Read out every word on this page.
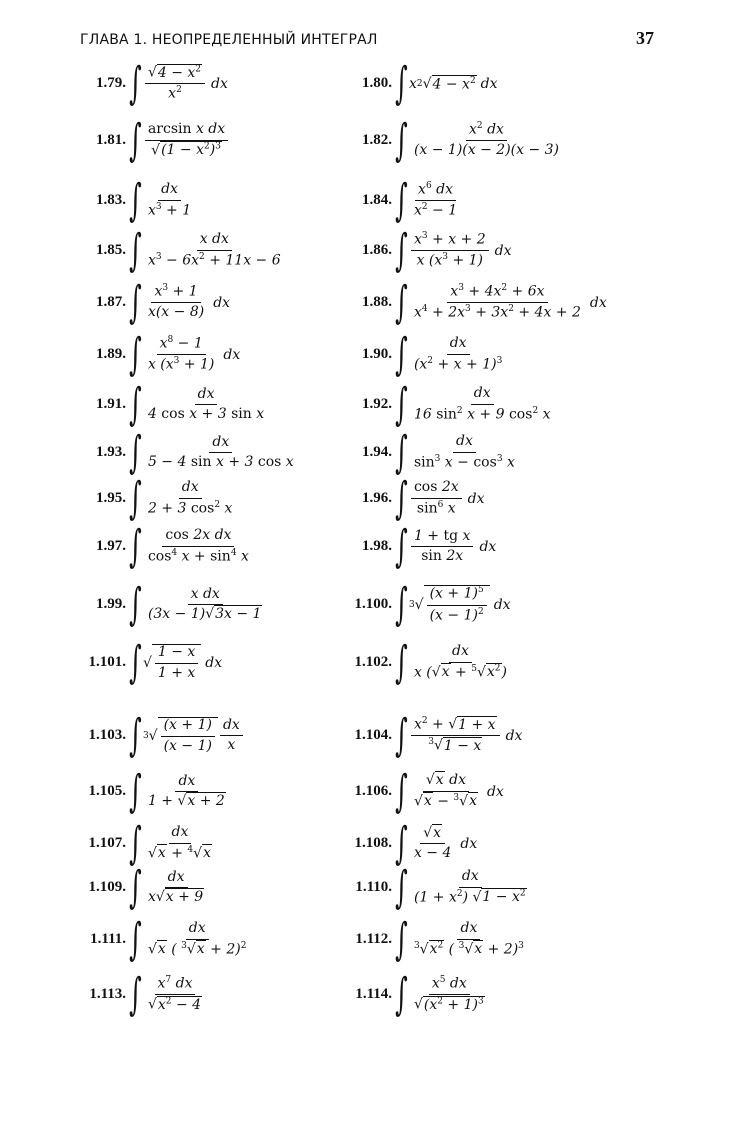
ГЛАВА 1. НЕОПРЕДЕЛЕННЫЙ ИНТЕГРАЛ	37
1.79. ∫ $\frac{√4 - x^2}{x^2}$ dx	1.80. ∫ x 2 √ $4 - x^2$ dx
1.81. ∫ $\frac{\text{arcsin x dx}}{√(1 - x^2)^3}$	1.82. ∫ $\frac{x^2 dx}{(x - 1)(x - 2)(x - 3)}$
1.83. ∫ $\frac{dx}{x^3 + 1}$	1.84. ∫ $\frac{x^6 dx}{x^2 - 1}$
1.85. ∫ $\frac{\text{x dx}}{x^3 - 6x^2 + 11x - 6}$	1.86. ∫ $\frac{x^3 + x + 2}{x (x^3 + 1)}$ dx
1.87. ∫ $\frac{x^3 + 1}{x(x - 8)}$ dx	1.88. ∫ $\frac{x^3 + 4x^2 + 6x}{x^4 + 2x^3 + 3x^2 + 4x + 2}$ dx
1.89. ∫ $\frac{x^8 - 1}{x (x^3 + 1)}$ dx	1.90. ∫ $\frac{dx}{(x^2 + x + 1)^3}$
1.91. ∫ $\frac{dx}{\text{4 cos x + 3 sin x}}$	1.92. ∫ $\frac{dx}{16 \sin^2 x + 9 \cos^2 x}$
1.93. ∫ $\frac{dx}{\text{5 − 4 sin x + 3 cos x}}$	1.94. ∫ $\frac{dx}{\sin^3 x - \cos^3 x}$
1.95. ∫ $\frac{dx}{2 + 3 \cos^2 x}$	1.96. ∫ $\frac{\cos 2x}{\sin^6 x}$ dx
1.97. ∫ $\frac{\text{cos 2x dx}}{\cos^4 x + \sin^4 x}$	1.98. ∫ $\frac{\text{1 + tg x}}{\sin 2x}$ dx
1.99. ∫ $\frac{\text{x dx}}{(3x - 1)√3x - 1}$	1.100. ∫ 3 √ $\frac{(x + 1)^5}{(x - 1)^2}$ dx
1.101. ∫ √ $\frac{1 - x}{1 + x}$ dx	1.102. ∫ $\frac{dx}{x (√x + ^5√x^2)}$
1.103. ∫ 3 √ $\frac{(x + 1)}{(x - 1)} \frac{dx}{x}$	1.104. ∫ $\frac{x^2 + √1 + x}{^3√1 - x}$ dx
1.105. ∫ $\frac{dx}{1 + √x + 2}$	1.106. ∫ $\frac{\text{√x dx}}{√x - ^3√x}$ dx
1.107. ∫ $\frac{dx}{√x + ^4√x}$	1.108. ∫ $\frac{√x}{x - 4}$ dx
1.109. ∫ $\frac{dx}{x√x + 9}$	1.110. ∫ $\frac{dx}{(1 + x^2) √1 - x^2}$
1.111. ∫ $\frac{dx}{√x ( ^3√x + 2)^2}$	1.112. ∫ $\frac{dx}{^3√x^2 ( ^3√x + 2)^3}$
1.113. ∫ $\frac{x^7 dx}{√x^2 - 4}$	1.114. ∫ $\frac{x^5 dx}{√(x^2 + 1)^3}$
